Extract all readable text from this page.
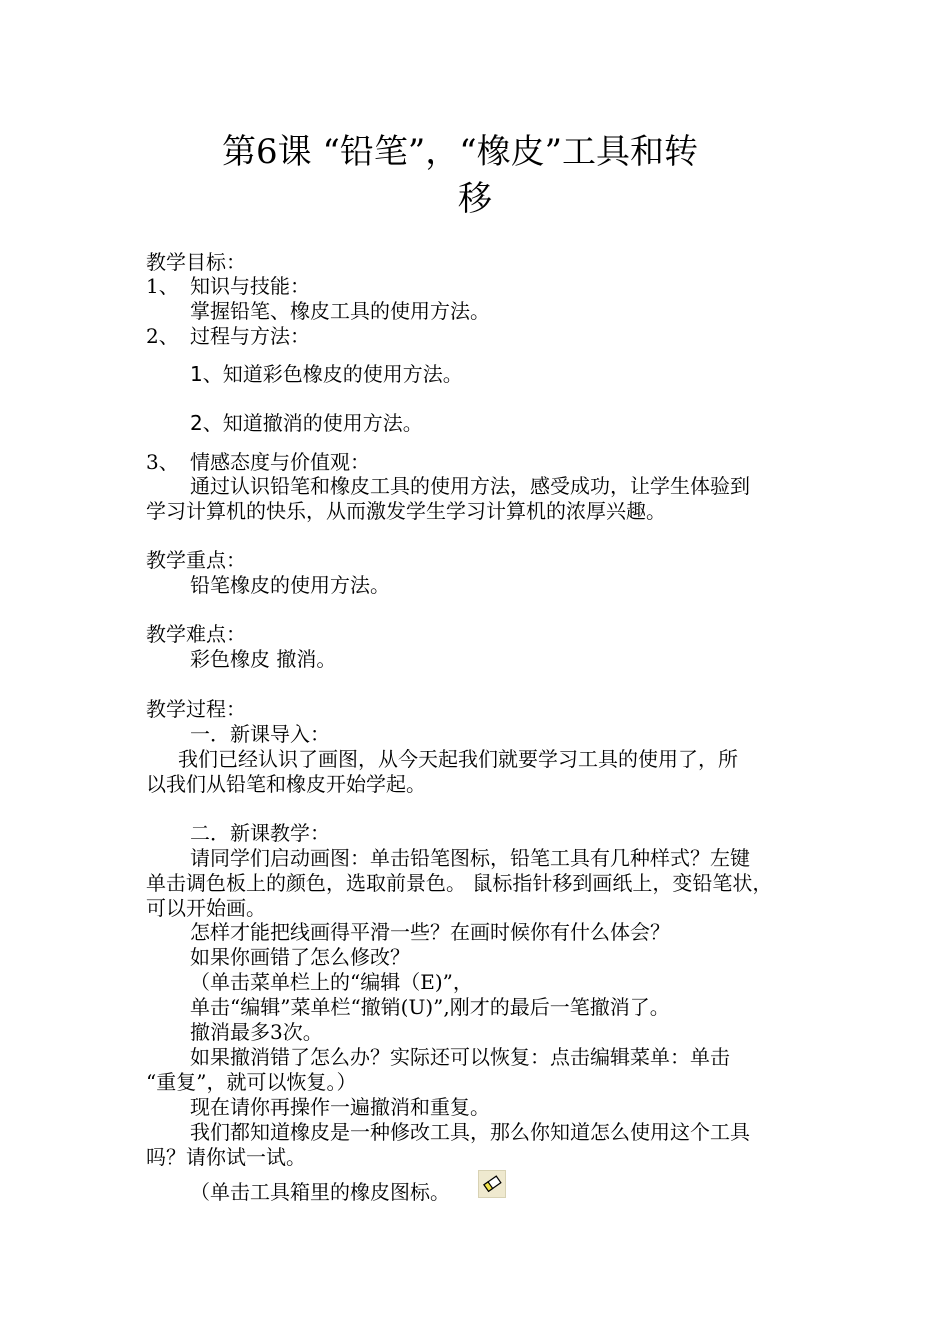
第6课 “铅笔”，“橡皮”工具和转
移
教学目标：
1、 知识与技能：
掌握铅笔、橡皮工具的使用方法。
2、 过程与方法：
1、知道彩色橡皮的使用方法。
2、知道撤消的使用方法。
3、 情感态度与价值观：
通过认识铅笔和橡皮工具的使用方法，感受成功，让学生体验到
学习计算机的快乐，从而激发学生学习计算机的浓厚兴趣。
教学重点：
铅笔橡皮的使用方法。
教学难点：
彩色橡皮 撤消。
教学过程：
一．新课导入：
我们已经认识了画图，从今天起我们就要学习工具的使用了，所
以我们从铅笔和橡皮开始学起。
二．新课教学：
请同学们启动画图：单击铅笔图标，铅笔工具有几种样式？左键
单击调色板上的颜色，选取前景色。 鼠标指针移到画纸上，变铅笔状，
可以开始画。
怎样才能把线画得平滑一些？在画时候你有什么体会？
如果你画错了怎么修改？
（单击菜单栏上的“编辑（E)”，
单击“编辑”菜单栏“撤销(U)”,刚才的最后一笔撤消了。
撤消最多3次。
如果撤消错了怎么办？实际还可以恢复：点击编辑菜单：单击
“重复”，就可以恢复。）
现在请你再操作一遍撤消和重复。
我们都知道橡皮是一种修改工具，那么你知道怎么使用这个工具
吗？请你试一试。
（单击工具箱里的橡皮图标。
